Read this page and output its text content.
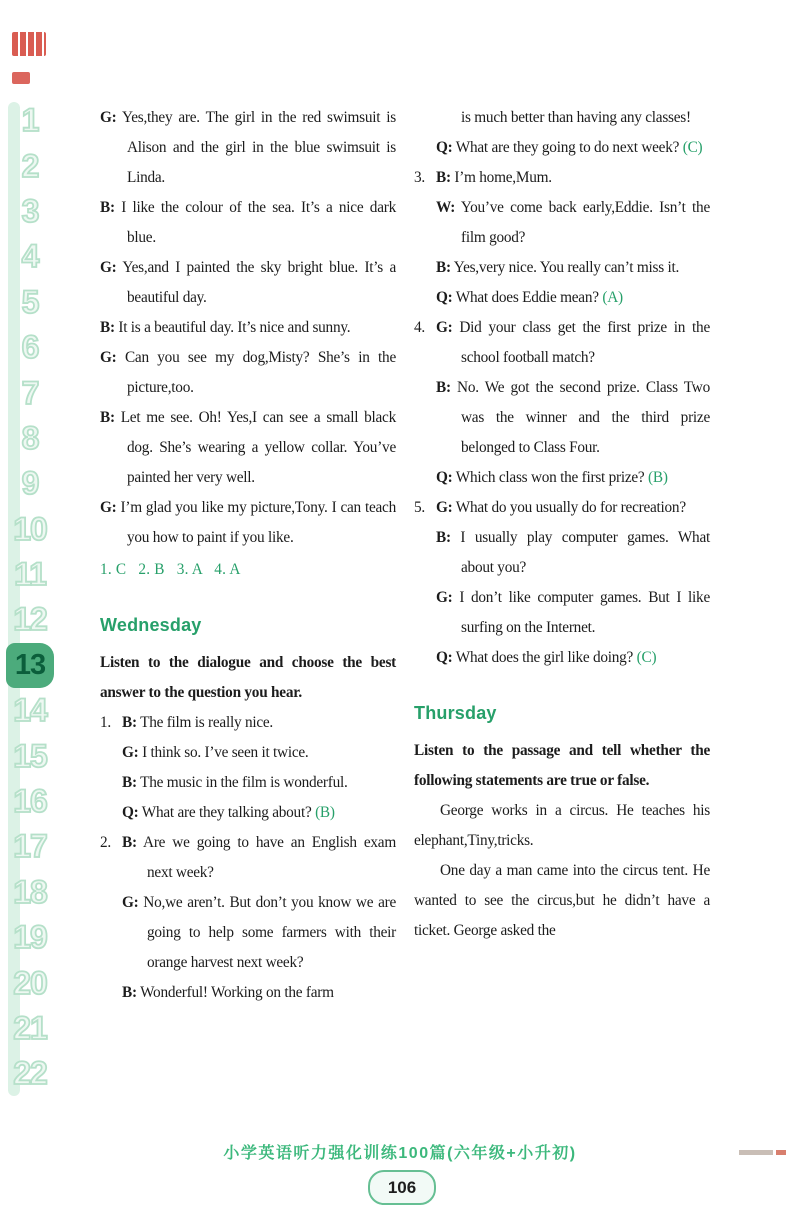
1
2
3
4
5
6
7
8
9
10
11
12
13
14
15
16
17
18
19
20
21
22
G: Yes,they are. The girl in the red swimsuit is Alison and the girl in the blue swimsuit is Linda.
B: I like the colour of the sea. It’s a nice dark blue.
G: Yes,and I painted the sky bright blue. It’s a beautiful day.
B: It is a beautiful day. It’s nice and sunny.
G: Can you see my dog,Misty? She’s in the picture,too.
B: Let me see. Oh! Yes,I can see a small black dog. She’s wearing a yellow collar. You’ve painted her very well.
G: I’m glad you like my picture,Tony. I can teach you how to paint if you like.
1. C   2. B   3. A   4. A
Wednesday

Listen to the dialogue and choose the best answer to the question you hear.

1. B: The film is really nice.
G: I think so. I’ve seen it twice.
B: The music in the film is wonderful.
Q: What are they talking about? (B)
2. B: Are we going to have an English exam next week?
G: No,we aren’t. But don’t you know we are going to help some farmers with their orange harvest next week?
B: Wonderful! Working on the farm
is much better than having any classes!
Q: What are they going to do next week? (C)
3. B: I’m home,Mum.
W: You’ve come back early,Eddie. Isn’t the film good?
B: Yes,very nice. You really can’t miss it.
Q: What does Eddie mean? (A)
4. G: Did your class get the first prize in the school football match?
B: No. We got the second prize. Class Two was the winner and the third prize belonged to Class Four.
Q: Which class won the first prize? (B)
5. G: What do you usually do for recreation?
B: I usually play computer games. What about you?
G: I don’t like computer games. But I like surfing on the Internet.
Q: What does the girl like doing? (C)
Thursday

Listen to the passage and tell whether the following statements are true or false.

George works in a circus. He teaches his elephant,Tiny,tricks.

One day a man came into the circus tent. He wanted to see the circus,but he didn’t have a ticket. George asked the

小学英语听力强化训练100篇(六年级+小升初)
106
